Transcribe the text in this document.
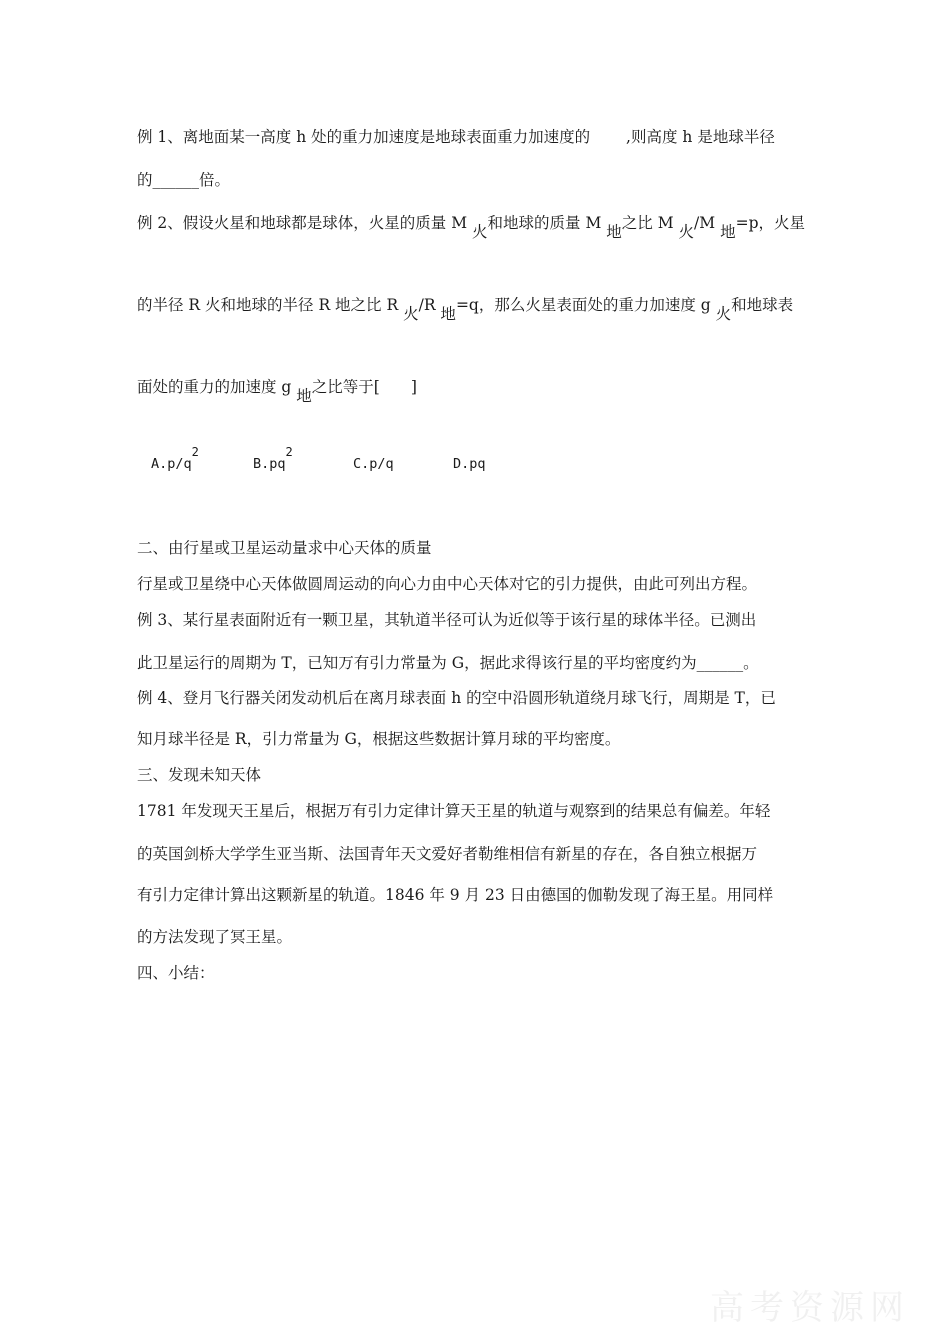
例 1、离地面某一高度 h 处的重力加速度是地球表面重力加速度的　　 ,则高度 h 是地球半径
的______倍。
例 2、假设火星和地球都是球体，火星的质量 M 火和地球的质量 M 地之比 M 火/M 地=p，火星
的半径 R 火和地球的半径 R 地之比 R 火/R 地=q，那么火星表面处的重力加速度 g 火和地球表
面处的重力的加速度 g 地之比等于[　　]
A.p/q2
B.pq2
C.p/q	D.pq
二、由行星或卫星运动量求中心天体的质量
行星或卫星绕中心天体做圆周运动的向心力由中心天体对它的引力提供，由此可列出方程。
例 3、某行星表面附近有一颗卫星，其轨道半径可认为近似等于该行星的球体半径。已测出
此卫星运行的周期为 T，已知万有引力常量为 G，据此求得该行星的平均密度约为______。
例 4、登月飞行器关闭发动机后在离月球表面 h 的空中沿圆形轨道绕月球飞行，周期是 T，已
知月球半径是 R，引力常量为 G，根据这些数据计算月球的平均密度。
三、发现未知天体
1781 年发现天王星后，根据万有引力定律计算天王星的轨道与观察到的结果总有偏差。年轻
的英国剑桥大学学生亚当斯、法国青年天文爱好者勒维相信有新星的存在，各自独立根据万
有引力定律计算出这颗新星的轨道。1846 年 9 月 23 日由德国的伽勒发现了海王星。用同样
的方法发现了冥王星。
四、小结：
高考资源网
